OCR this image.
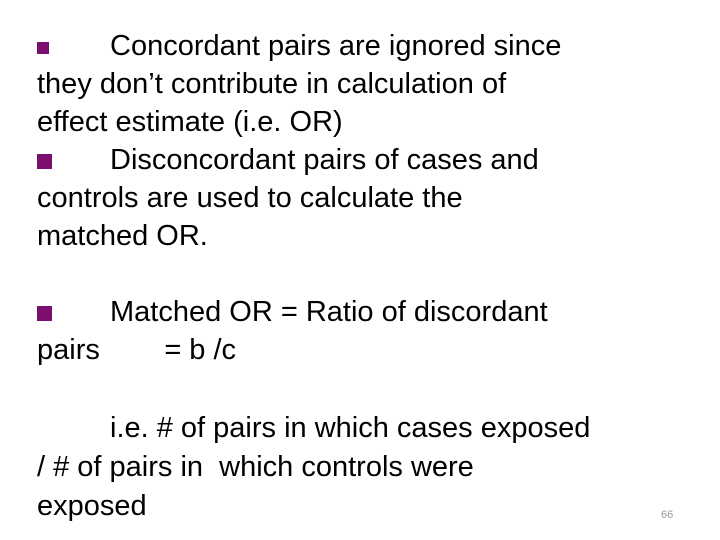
Concordant pairs are ignored since
they don’t contribute in calculation of
effect estimate (i.e. OR)
Disconcordant pairs of cases and
controls are used to calculate the
matched OR.
Matched OR = Ratio of discordant
pairs        = b /c
i.e. # of pairs in which cases exposed
/ # of pairs in  which controls were
exposed	66
